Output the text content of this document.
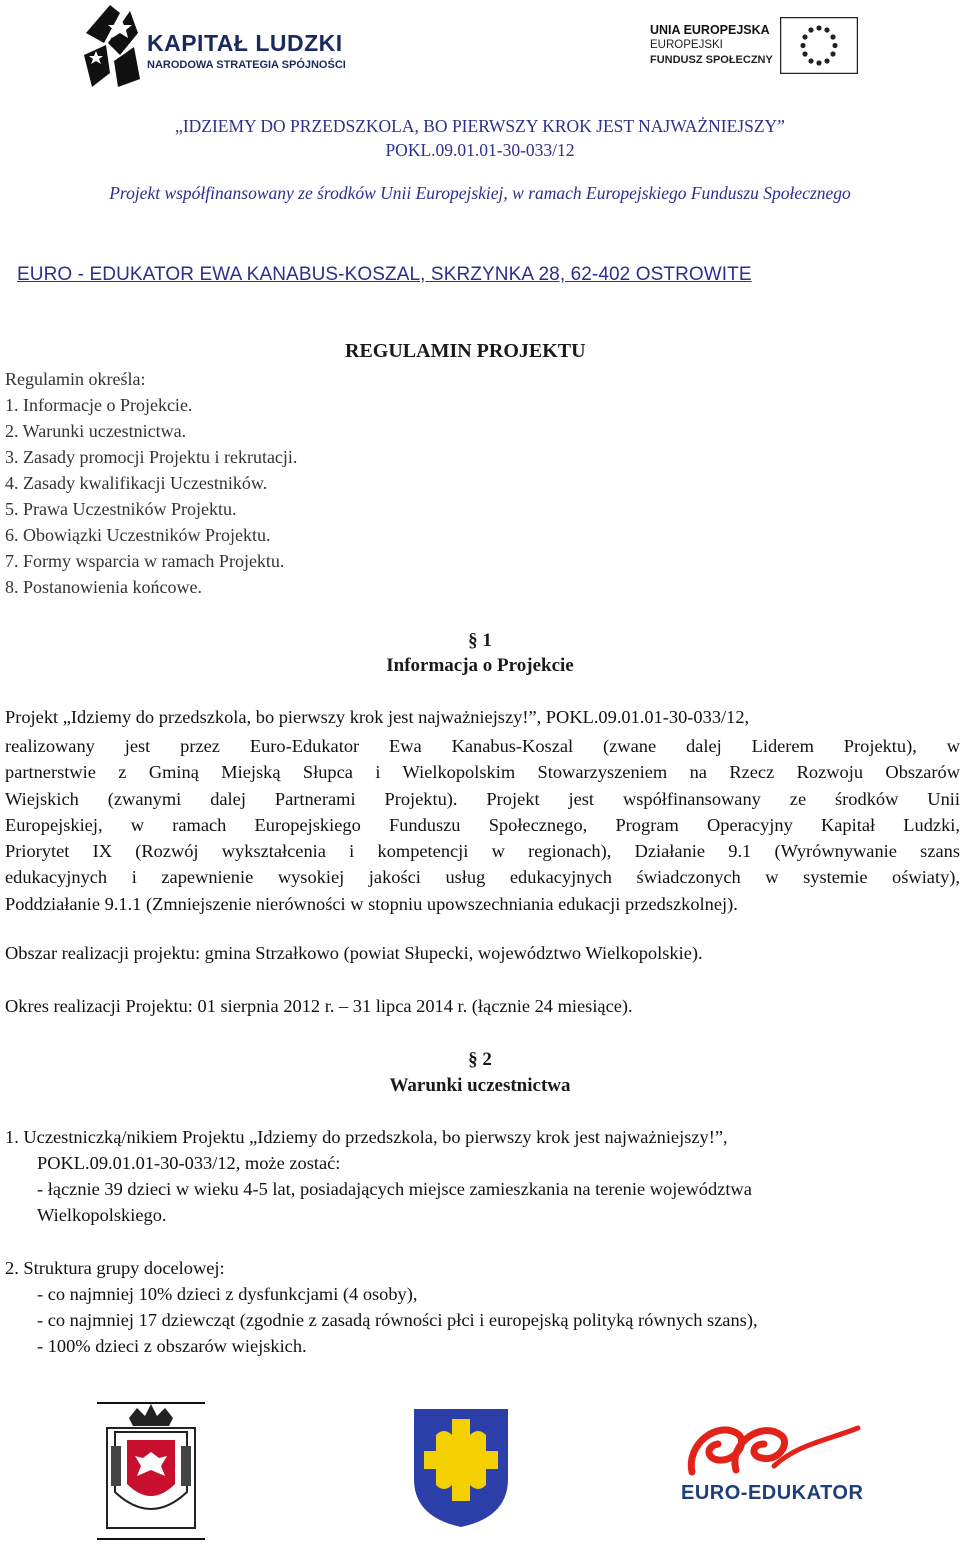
KAPITAŁ LUDZKI
NARODOWA STRATEGIA SPÓJNOŚCI
UNIA EUROPEJSKA
EUROPEJSKI
FUNDUSZ SPOŁECZNY
„IDZIEMY DO PRZEDSZKOLA, BO PIERWSZY KROK JEST NAJWAŻNIEJSZY”
POKL.09.01.01-30-033/12
Projekt współfinansowany ze środków Unii Europejskiej, w ramach Europejskiego Funduszu Społecznego
EURO - EDUKATOR EWA KANABUS-KOSZAL, SKRZYNKA 28, 62-402 OSTROWITE
REGULAMIN PROJEKTU
Regulamin określa:
1. Informacje o Projekcie.
2. Warunki uczestnictwa.
3. Zasady promocji Projektu i rekrutacji.
4. Zasady kwalifikacji Uczestników.
5. Prawa Uczestników Projektu.
6. Obowiązki Uczestników Projektu.
7. Formy wsparcia w ramach Projektu.
8. Postanowienia końcowe.
§ 1
Informacja o Projekcie
Projekt „Idziemy do przedszkola, bo pierwszy krok jest najważniejszy!”, POKL.09.01.01-30-033/12,
realizowany jest przez Euro-Edukator Ewa Kanabus-Koszal (zwane dalej Liderem Projektu), w
partnerstwie z Gminą Miejską Słupca i Wielkopolskim Stowarzyszeniem na Rzecz Rozwoju Obszarów
Wiejskich (zwanymi dalej Partnerami Projektu). Projekt jest współfinansowany ze środków Unii
Europejskiej, w ramach Europejskiego Funduszu Społecznego, Program Operacyjny Kapitał Ludzki,
Priorytet IX (Rozwój wykształcenia i kompetencji w regionach), Działanie 9.1 (Wyrównywanie szans
edukacyjnych i zapewnienie wysokiej jakości usług edukacyjnych świadczonych w systemie oświaty),
Poddziałanie 9.1.1 (Zmniejszenie nierówności w stopniu upowszechniania edukacji przedszkolnej).
Obszar realizacji projektu: gmina Strzałkowo (powiat Słupecki, województwo Wielkopolskie).
Okres realizacji Projektu: 01 sierpnia 2012 r. – 31 lipca 2014 r. (łącznie 24 miesiące).
§ 2
Warunki uczestnictwa
1. Uczestniczką/nikiem Projektu „Idziemy do przedszkola, bo pierwszy krok jest najważniejszy!”,
POKL.09.01.01-30-033/12, może zostać:
- łącznie 39 dzieci w wieku 4-5 lat, posiadających miejsce zamieszkania na terenie województwa
Wielkopolskiego.
2. Struktura grupy docelowej:
- co najmniej 10% dzieci z dysfunkcjami (4 osoby),
- co najmniej 17 dziewcząt (zgodnie z zasadą równości płci i europejską polityką równych szans),
- 100% dzieci z obszarów wiejskich.
EURO-EDUKATOR
